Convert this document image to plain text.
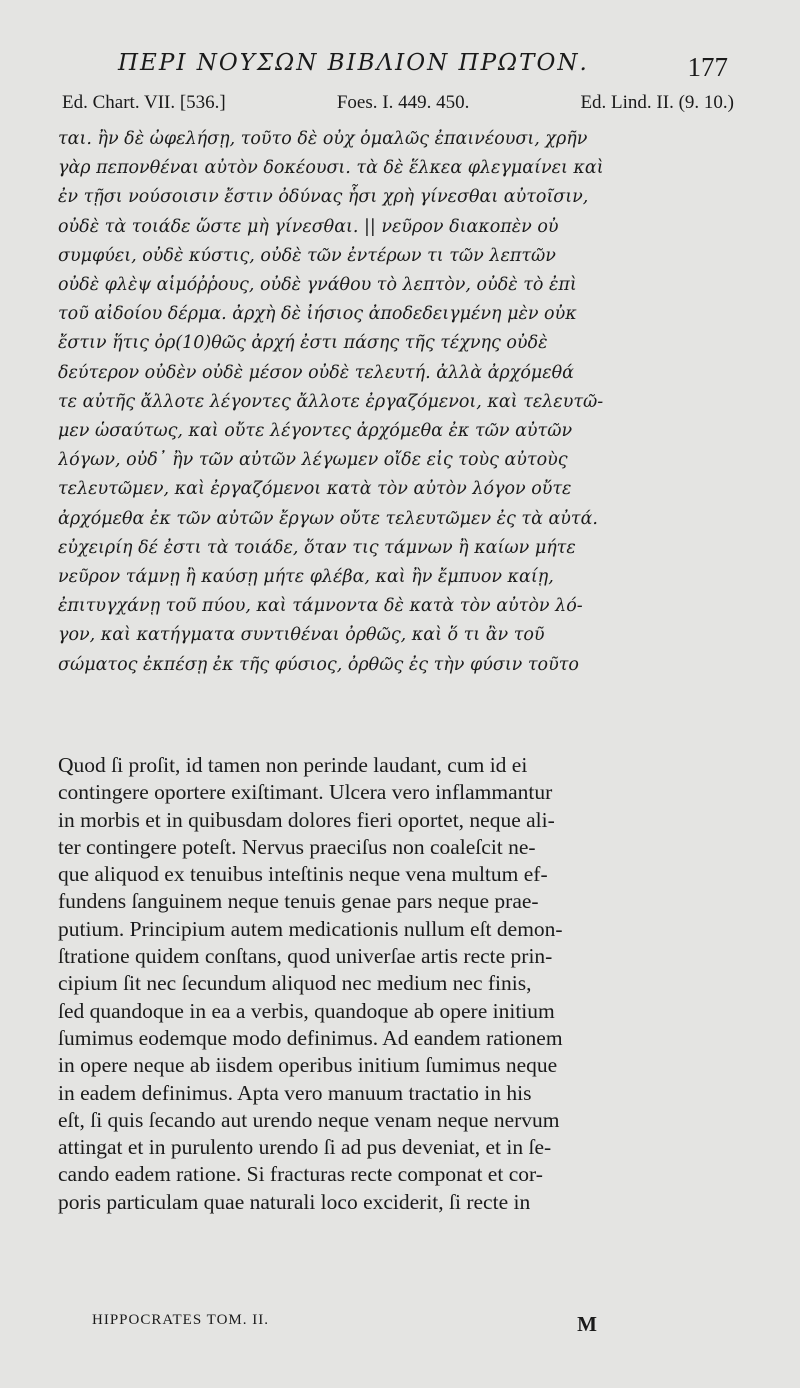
ΠΕΡΙ ΝΟΥΣΩΝ ΒΙΒΛΙΟΝ ΠΡΩΤΟΝ.	177
Ed. Chart. VII. [536.]	Foes. I. 449. 450.	Ed. Lind. II. (9. 10.)
ται. ἢν δὲ ὠφελήσῃ, τοῦτο δὲ οὐχ ὁμαλῶς ἐπαινέουσι, χρῆν
γὰρ πεπονθέναι αὐτὸν δοκέουσι. τὰ δὲ ἕλκεα φλεγμαίνει καὶ
ἐν τῇσι νούσοισιν ἔστιν ὀδύνας ἧσι χρὴ γίνεσθαι αὐτοῖσιν,
οὐδὲ τὰ τοιάδε ὥστε μὴ γίνεσθαι. || νεῦρον διακοπὲν οὐ
συμφύει, οὐδὲ κύστις, οὐδὲ τῶν ἐντέρων τι τῶν λεπτῶν
οὐδὲ φλὲψ αἱμόῤῥους, οὐδὲ γνάθου τὸ λεπτὸν, οὐδὲ τὸ ἐπὶ
τοῦ αἰδοίου δέρμα. ἀρχὴ δὲ ἰήσιος ἀποδεδειγμένη μὲν οὐκ
ἔστιν ἥτις ὀρ(10)θῶς ἀρχή ἐστι πάσης τῆς τέχνης οὐδὲ
δεύτερον οὐδὲν οὐδὲ μέσον οὐδὲ τελευτή. ἀλλὰ ἀρχόμεθά
τε αὐτῆς ἄλλοτε λέγοντες ἄλλοτε ἐργαζόμενοι, καὶ τελευτῶ-
μεν ὡσαύτως, καὶ οὔτε λέγοντες ἀρχόμεθα ἐκ τῶν αὐτῶν
λόγων, οὐδ᾽ ἢν τῶν αὐτῶν λέγωμεν οἴδε εἰς τοὺς αὐτοὺς
τελευτῶμεν, καὶ ἐργαζόμενοι κατὰ τὸν αὐτὸν λόγον οὔτε
ἀρχόμεθα ἐκ τῶν αὐτῶν ἔργων οὔτε τελευτῶμεν ἐς τὰ αὐτά.
εὐχειρίη δέ ἐστι τὰ τοιάδε, ὅταν τις τάμνων ἢ καίων μήτε
νεῦρον τάμνῃ ἢ καύσῃ μήτε φλέβα, καὶ ἢν ἔμπυον καίῃ,
ἐπιτυγχάνῃ τοῦ πύου, καὶ τάμνοντα δὲ κατὰ τὸν αὐτὸν λό-
γον, καὶ κατήγματα συντιθέναι ὀρθῶς, καὶ ὅ τι ἂν τοῦ
σώματος ἐκπέσῃ ἐκ τῆς φύσιος, ὀρθῶς ἐς τὴν φύσιν τοῦτο
Quod ſi proſit, id tamen non perinde laudant, cum id ei
contingere oportere exiſtimant. Ulcera vero inflammantur
in morbis et in quibusdam dolores fieri oportet, neque ali-
ter contingere poteſt. Nervus praeciſus non coaleſcit ne-
que aliquod ex tenuibus inteſtinis neque vena multum ef-
fundens ſanguinem neque tenuis genae pars neque prae-
putium. Principium autem medicationis nullum eſt demon-
ſtratione quidem conſtans, quod univerſae artis recte prin-
cipium ſit nec ſecundum aliquod nec medium nec finis,
ſed quandoque in ea a verbis, quandoque ab opere initium
ſumimus eodemque modo definimus. Ad eandem rationem
in opere neque ab iisdem operibus initium ſumimus neque
in eadem definimus. Apta vero manuum tractatio in his
eſt, ſi quis ſecando aut urendo neque venam neque nervum
attingat et in purulento urendo ſi ad pus deveniat, et in ſe-
cando eadem ratione. Si fracturas recte componat et cor-
poris particulam quae naturali loco exciderit, ſi recte in
HIPPOCRATES TOM. II.	M
